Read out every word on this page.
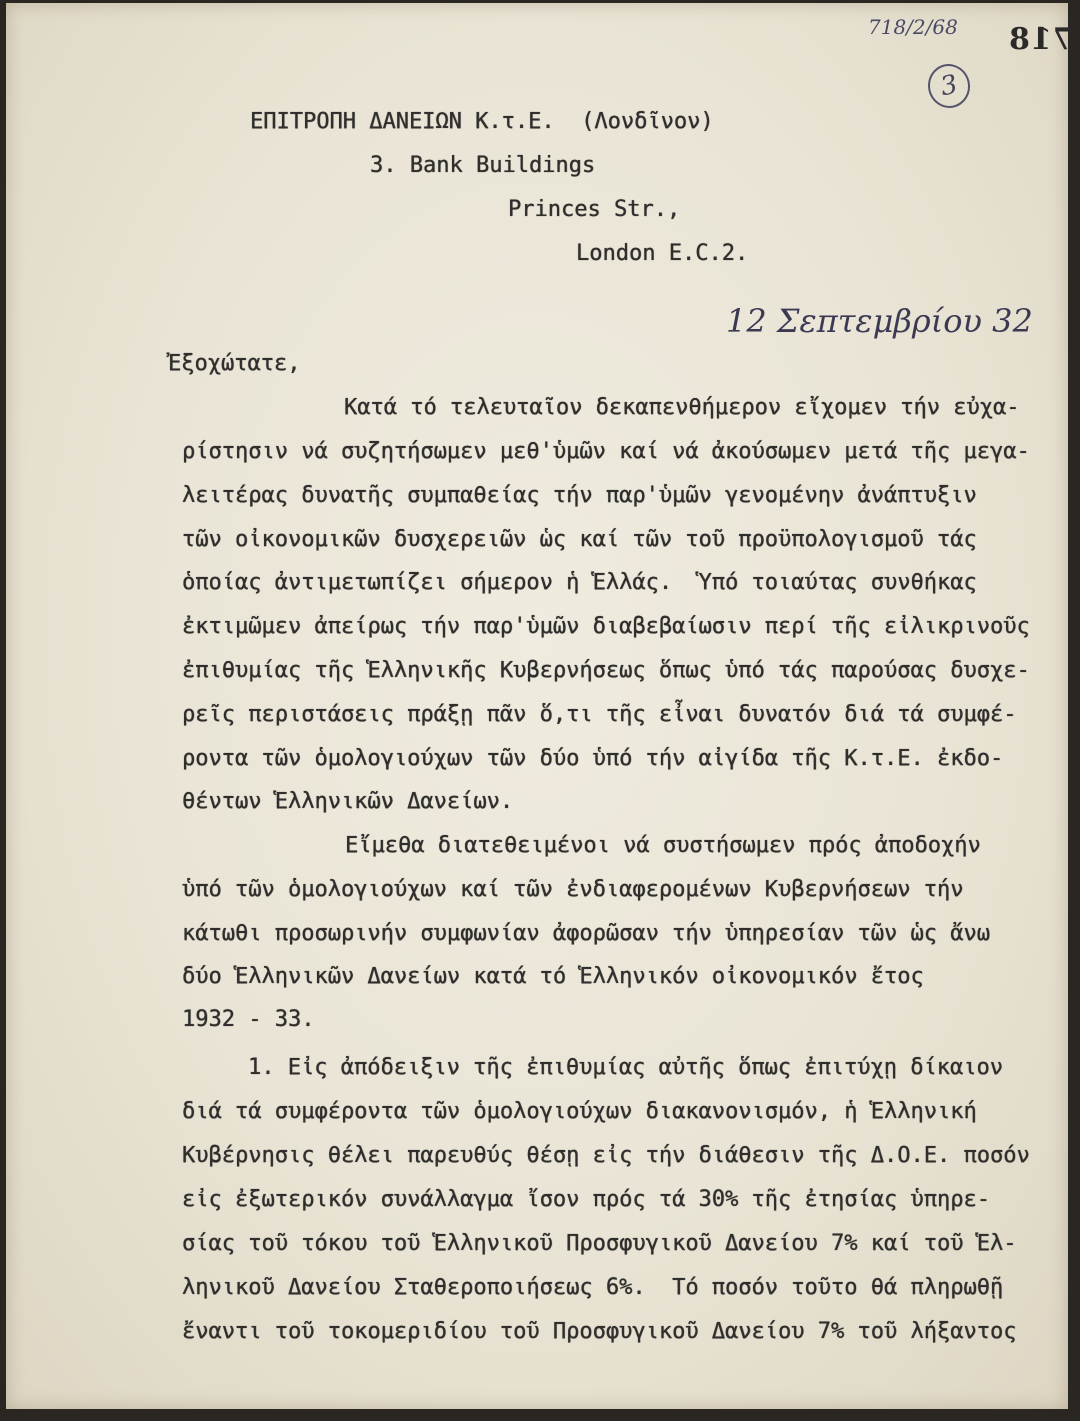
718/2/68 718
3
ΕΠΙΤΡΟΠΗ ΔΑΝΕΙΩΝ Κ.τ.Ε.  (Λονδῖνον)
3. Bank Buildings
Princes Str.,
London E.C.2.
12 Σεπτεμβρίου 32
Ἐξοχώτατε,
Κατά τό τελευταῖον δεκαπενθήμερον εἴχομεν τήν εὐχα-
ρίστησιν νά συζητήσωμεν μεθ'ὑμῶν καί νά ἀκούσωμεν μετά τῆς μεγα-
λειτέρας δυνατῆς συμπαθείας τήν παρ'ὑμῶν γενομένην ἀνάπτυξιν
τῶν οἰκονομικῶν δυσχερειῶν ὡς καί τῶν τοῦ προϋπολογισμοῦ τάς
ὁποίας ἀντιμετωπίζει σήμερον ἡ Ἑλλάς.  Ὑπό τοιαύτας συνθήκας
ἐκτιμῶμεν ἀπείρως τήν παρ'ὑμῶν διαβεβαίωσιν περί τῆς εἰλικρινοῦς
ἐπιθυμίας τῆς Ἑλληνικῆς Κυβερνήσεως ὅπως ὑπό τάς παρούσας δυσχε-
ρεῖς περιστάσεις πράξῃ πᾶν ὅ,τι τῆς εἶναι δυνατόν διά τά συμφέ-
ροντα τῶν ὁμολογιούχων τῶν δύο ὑπό τήν αἰγίδα τῆς Κ.τ.Ε. ἐκδο-
θέντων Ἑλληνικῶν Δανείων.
Εἴμεθα διατεθειμένοι νά συστήσωμεν πρός ἀποδοχήν
ὑπό τῶν ὁμολογιούχων καί τῶν ἐνδιαφερομένων Κυβερνήσεων τήν
κάτωθι προσωρινήν συμφωνίαν ἀφορῶσαν τήν ὑπηρεσίαν τῶν ὡς ἄνω
δύο Ἑλληνικῶν Δανείων κατά τό Ἑλληνικόν οἰκονομικόν ἔτος
1932 - 33.
1. Εἰς ἀπόδειξιν τῆς ἐπιθυμίας αὐτῆς ὅπως ἐπιτύχῃ δίκαιον
διά τά συμφέροντα τῶν ὁμολογιούχων διακανονισμόν, ἡ Ἑλληνική
Κυβέρνησις θέλει παρευθύς θέσῃ εἰς τήν διάθεσιν τῆς Δ.Ο.Ε. ποσόν
εἰς ἐξωτερικόν συνάλλαγμα ἴσον πρός τά 30% τῆς ἐτησίας ὑπηρε-
σίας τοῦ τόκου τοῦ Ἑλληνικοῦ Προσφυγικοῦ Δανείου 7% καί τοῦ Ἑλ-
ληνικοῦ Δανείου Σταθεροποιήσεως 6%.  Τό ποσόν τοῦτο θά πληρωθῇ
ἔναντι τοῦ τοκομεριδίου τοῦ Προσφυγικοῦ Δανείου 7% τοῦ λήξαντος
